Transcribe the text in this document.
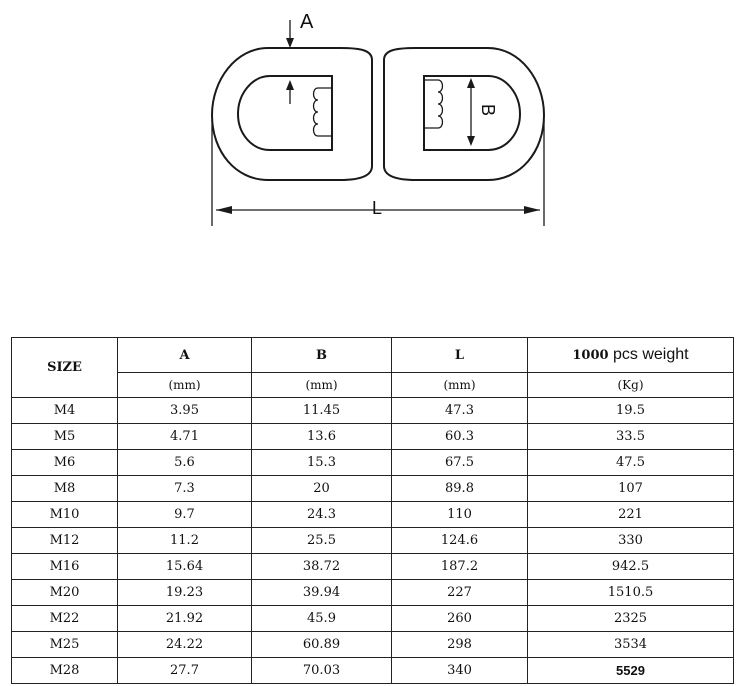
A
L
B
SIZE	A	B	L	1000 pcs weight
	(mm)	(mm)	(mm)	(Kg)
M4	3.95	11.45	47.3	19.5
M5	4.71	13.6	60.3	33.5
M6	5.6	15.3	67.5	47.5
M8	7.3	20	89.8	107
M10	9.7	24.3	110	221
M12	11.2	25.5	124.6	330
M16	15.64	38.72	187.2	942.5
M20	19.23	39.94	227	1510.5
M22	21.92	45.9	260	2325
M25	24.22	60.89	298	3534
M28	27.7	70.03	340	5529
